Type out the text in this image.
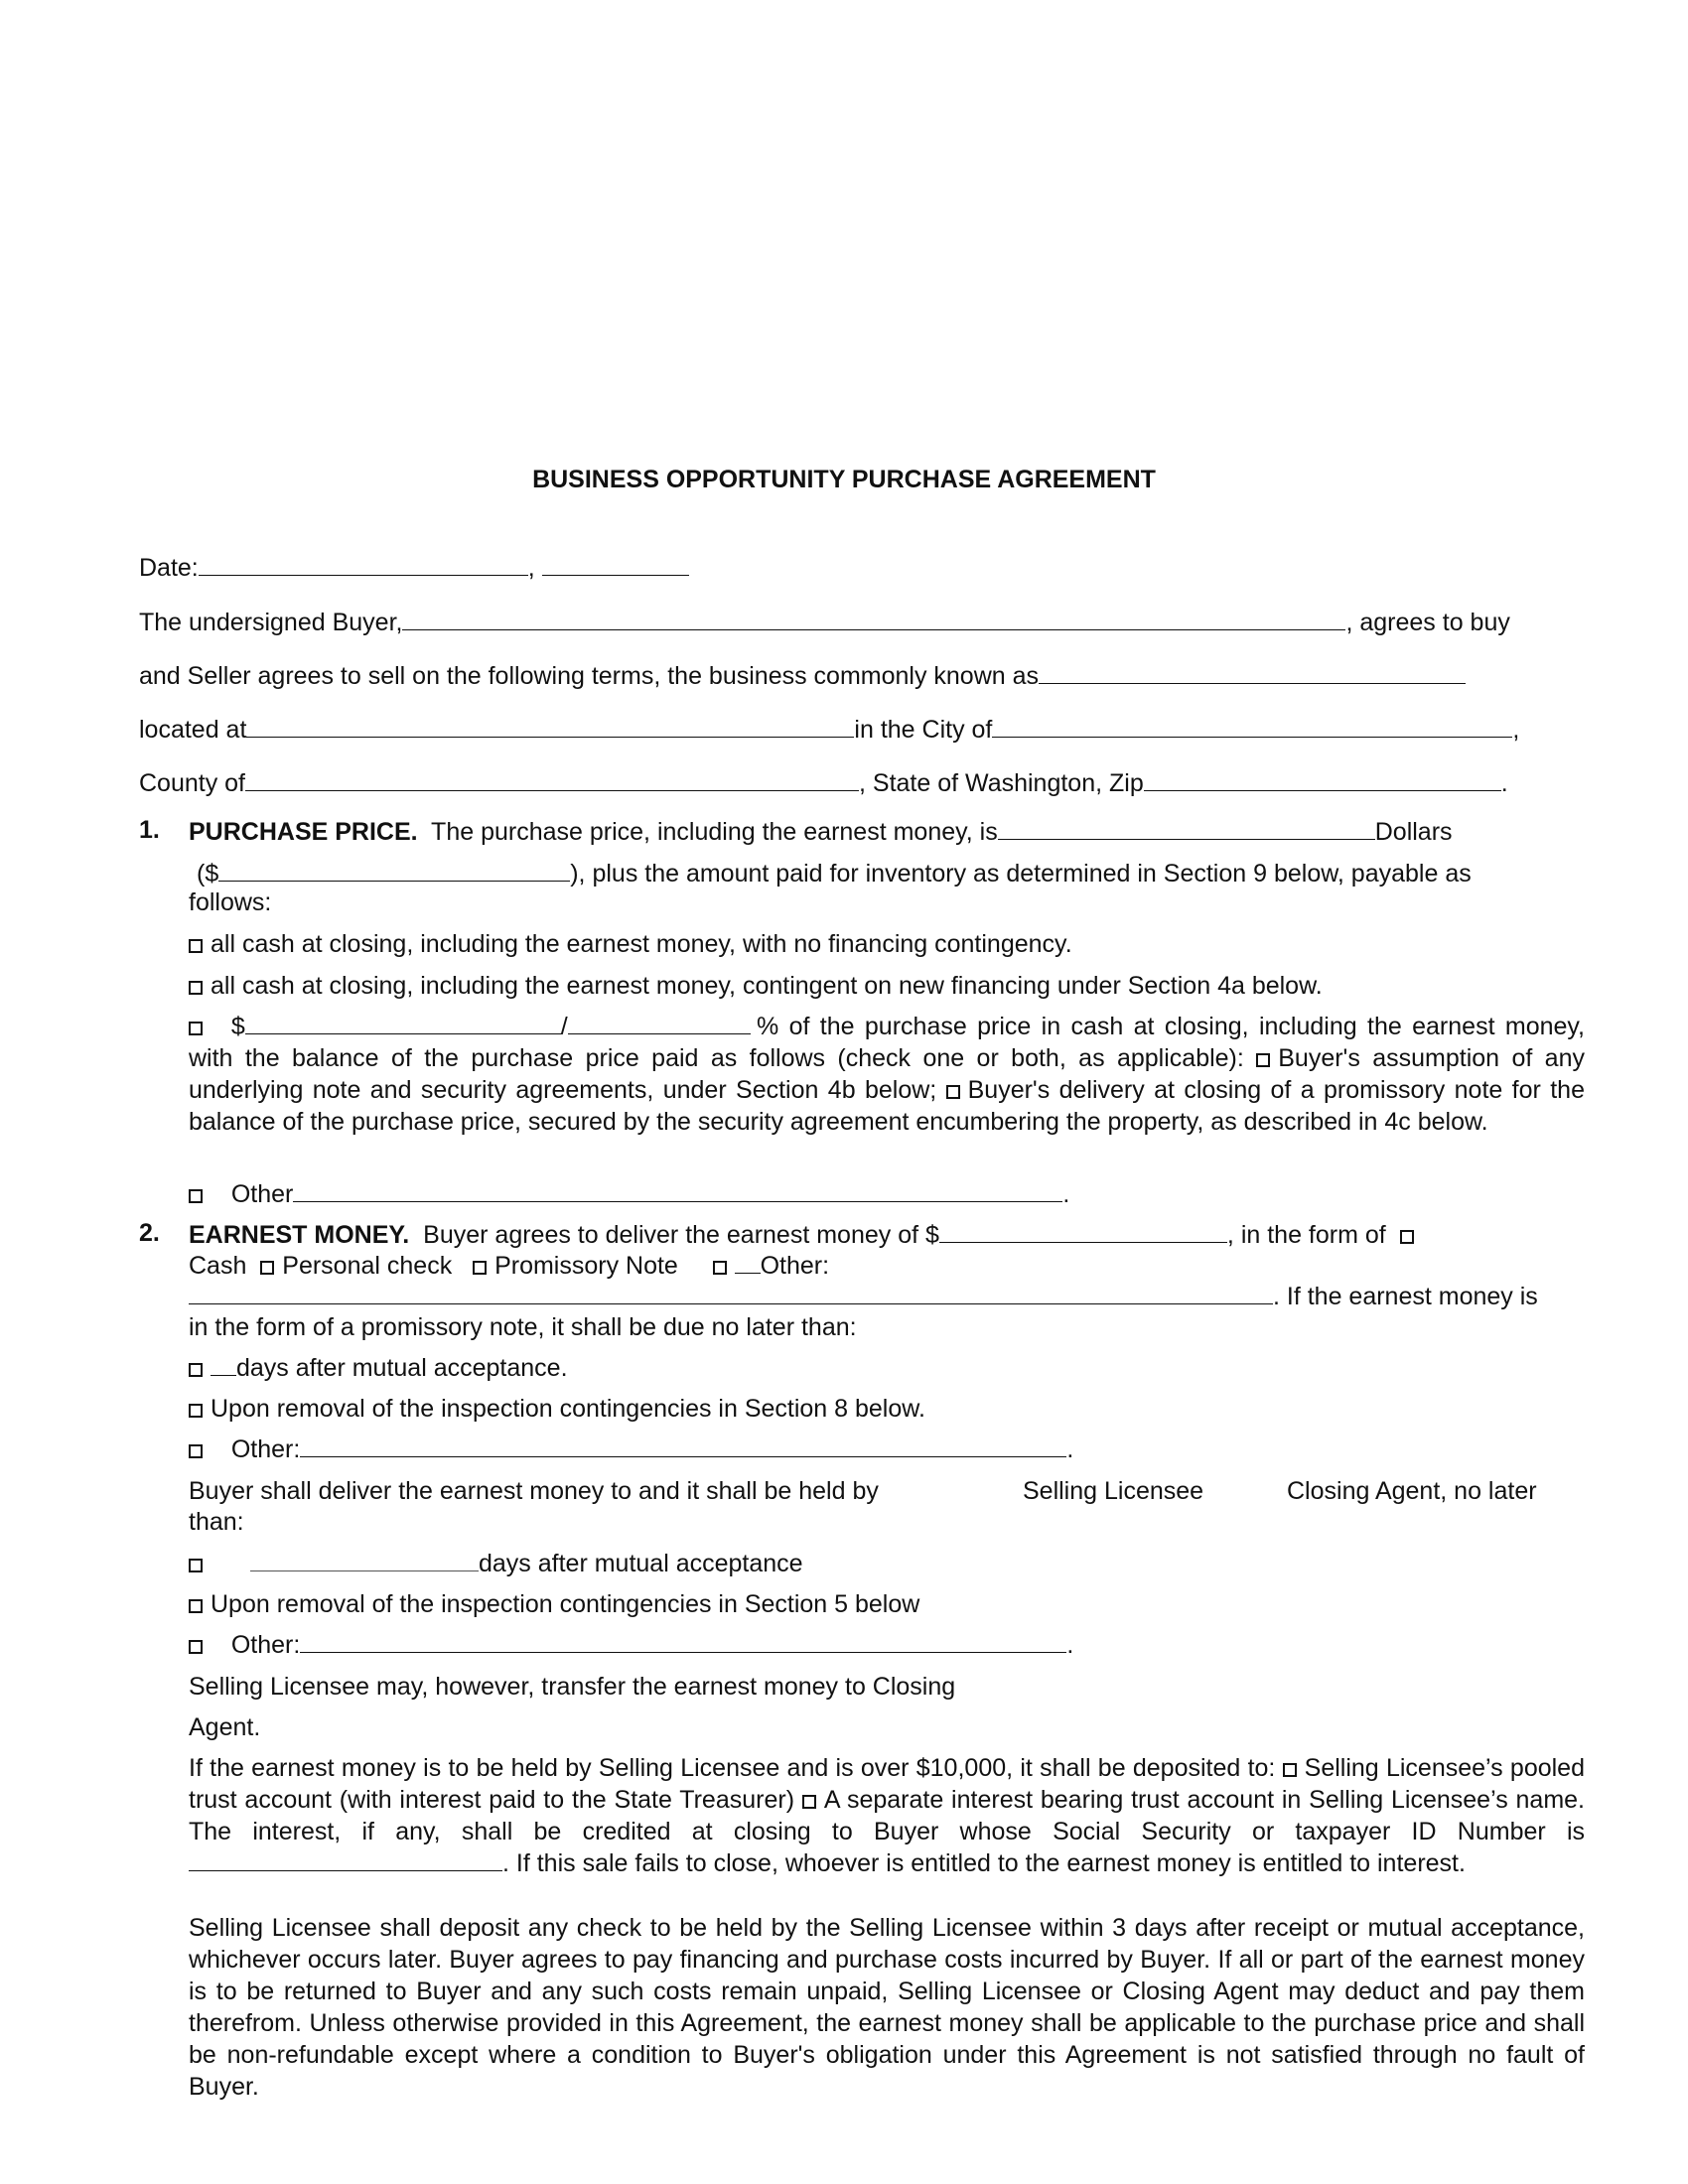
BUSINESS OPPORTUNITY PURCHASE AGREEMENT
Date:	,
The undersigned Buyer,	, agrees to buy
and Seller agrees to sell on the following terms, the business commonly known as
located at	in the City of	,
County of	, State of Washington, Zip	.
1. PURCHASE PRICE. The purchase price, including the earnest money, is	Dollars
($	), plus the amount paid for inventory as determined in Section 9 below, payable as
follows:
all cash at closing, including the earnest money, with no financing contingency.
all cash at closing, including the earnest money, contingent on new financing under Section 4a below.
$	/	% of the purchase price in cash at closing, including the earnest money, with the balance of the purchase price paid as follows (check one or both, as applicable): Buyer's assumption of any underlying note and security agreements, under Section 4b below; Buyer's delivery at closing of a promissory note for the balance of the purchase price, secured by the security agreement encumbering the property, as described in 4c below.
Other	.
2. EARNEST MONEY. Buyer agrees to deliver the earnest money of $	, in the form of
Cash Personal check Promissory Note	Other:
. If the earnest money is
in the form of a promissory note, it shall be due no later than:
days after mutual acceptance.
Upon removal of the inspection contingencies in Section 8 below.
Other:	.
Buyer shall deliver the earnest money to and it shall be held by	Selling Licensee	Closing Agent, no later
than:
days after mutual acceptance
Upon removal of the inspection contingencies in Section 5 below
Other:	.
Selling Licensee may, however, transfer the earnest money to Closing
Agent.
If the earnest money is to be held by Selling Licensee and is over $10,000, it shall be deposited to: Selling Licensee’s pooled trust account (with interest paid to the State Treasurer) A separate interest bearing trust account in Selling Licensee’s name. The interest, if any, shall be credited at closing to Buyer whose Social Security or taxpayer ID Number is. If this sale fails to close, whoever is entitled to the earnest money is entitled to interest.
Selling Licensee shall deposit any check to be held by the Selling Licensee within 3 days after receipt or mutual acceptance, whichever occurs later. Buyer agrees to pay financing and purchase costs incurred by Buyer. If all or part of the earnest money is to be returned to Buyer and any such costs remain unpaid, Selling Licensee or Closing Agent may deduct and pay them therefrom. Unless otherwise provided in this Agreement, the earnest money shall be applicable to the purchase price and shall be non-refundable except where a condition to Buyer's obligation under this Agreement is not satisfied through no fault of Buyer.
